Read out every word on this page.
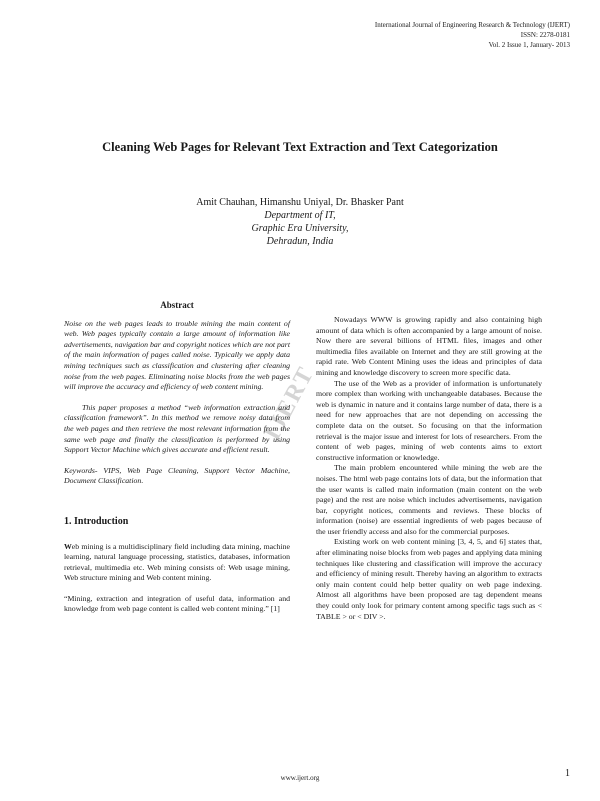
International Journal of Engineering Research & Technology (IJERT)
ISSN: 2278-0181
Vol. 2 Issue 1, January- 2013
Cleaning Web Pages for Relevant Text Extraction and Text Categorization
Amit Chauhan, Himanshu Uniyal, Dr. Bhasker Pant
Department of IT,
Graphic Era University,
Dehradun, India
IJERT

Abstract

Noise on the web pages leads to trouble mining the main content of web. Web pages typically contain a large amount of information like advertisements, navigation bar and copyright notices which are not part of the main information of pages called noise. Typically we apply data mining techniques such as classification and clustering after cleaning noise from the web pages. Eliminating noise blocks from the web pages will improve the accuracy and efficiency of web content mining.

This paper proposes a method “web information extraction and classification framework”. In this method we remove noisy data from the web pages and then retrieve the most relevant information from the same web page and finally the classification is performed by using Support Vector Machine which gives accurate and efficient result.

Keywords- VIPS, Web Page Cleaning, Support Vector Machine, Document Classification.

1. Introduction

Web mining is a multidisciplinary field including data mining, machine learning, natural language processing, statistics, databases, information retrieval, multimedia etc. Web mining consists of: Web usage mining, Web structure mining and Web content mining.

“Mining, extraction and integration of useful data, information and knowledge from web page content is called web content mining.” [1]

Nowadays WWW is growing rapidly and also containing high amount of data which is often accompanied by a large amount of noise. Now there are several billions of HTML files, images and other multimedia files available on Internet and they are still growing at the rapid rate. Web Content Mining uses the ideas and principles of data mining and knowledge discovery to screen more specific data.

The use of the Web as a provider of information is unfortunately more complex than working with unchangeable databases. Because the web is dynamic in nature and it contains large number of data, there is a need for new approaches that are not depending on accessing the complete data on the outset. So focusing on that the information retrieval is the major issue and interest for lots of researchers. From the content of web pages, mining of web contents aims to extort constructive information or knowledge.

The main problem encountered while mining the web are the noises. The html web page contains lots of data, but the information that the user wants is called main information (main content on the web page) and the rest are noise which includes advertisements, navigation bar, copyright notices, comments and reviews. These blocks of information (noise) are essential ingredients of web pages because of the user friendly access and also for the commercial purposes.

Existing work on web content mining [3, 4, 5, and 6] states that, after eliminating noise blocks from web pages and applying data mining techniques like clustering and classification will improve the accuracy and efficiency of mining result. Thereby having an algorithm to extracts only main content could help better quality on web page indexing. Almost all algorithms have been proposed are tag dependent means they could only look for primary content among specific tags such as < TABLE > or < DIV >.

www.ijert.org	1
